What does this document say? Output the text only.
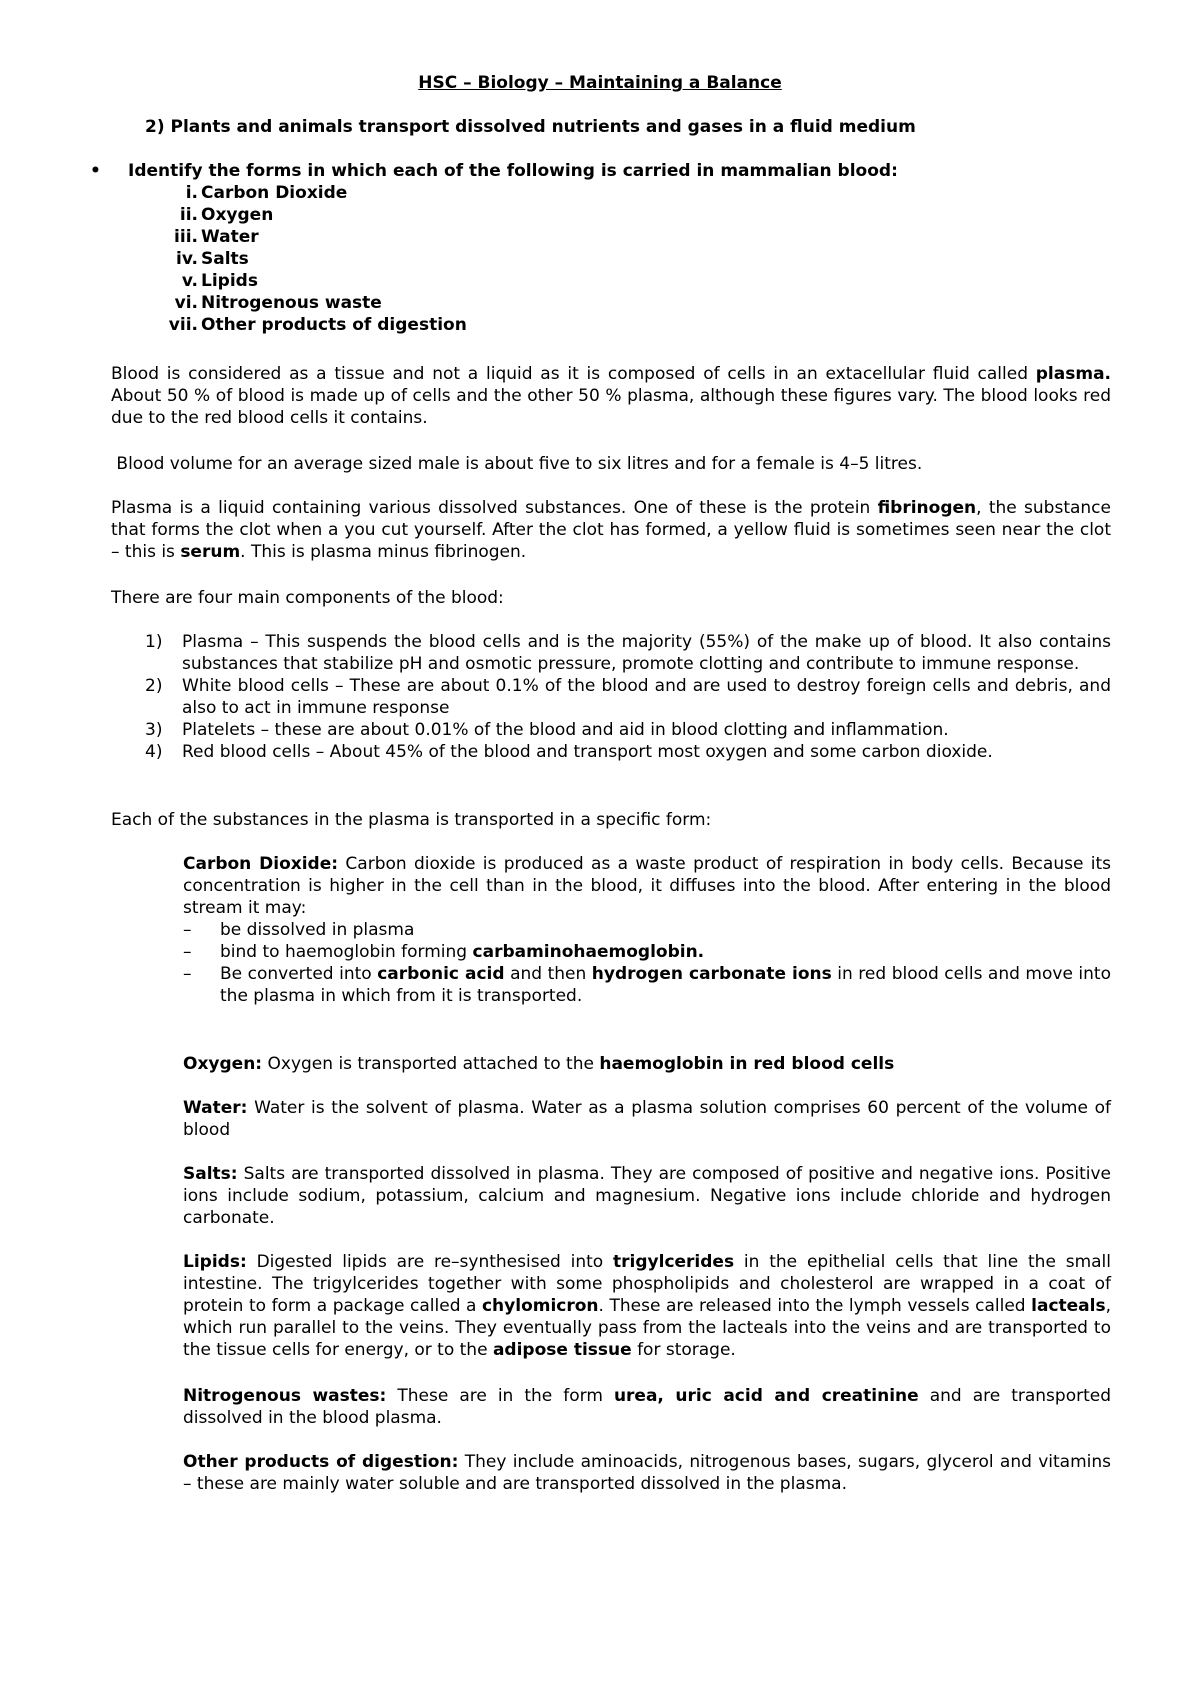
HSC – Biology – Maintaining a Balance
2) Plants and animals transport dissolved nutrients and gases in a fluid medium
• Identify the forms in which each of the following is carried in mammalian blood:
i. Carbon Dioxide
ii. Oxygen
iii. Water
iv. Salts
v. Lipids
vi. Nitrogenous waste
vii. Other products of digestion
Blood is considered as a tissue and not a liquid as it is composed of cells in an extacellular fluid called plasma. About 50 % of blood is made up of cells and the other 50 % plasma, although these figures vary. The blood looks red due to the red blood cells it contains.
Blood volume for an average sized male is about five to six litres and for a female is 4–5 litres.
Plasma is a liquid containing various dissolved substances. One of these is the protein fibrinogen, the substance that forms the clot when a you cut yourself. After the clot has formed, a yellow fluid is sometimes seen near the clot – this is serum. This is plasma minus fibrinogen.
There are four main components of the blood:
1) Plasma – This suspends the blood cells and is the majority (55%) of the make up of blood. It also contains substances that stabilize pH and osmotic pressure, promote clotting and contribute to immune response.
2) White blood cells – These are about 0.1% of the blood and are used to destroy foreign cells and debris, and also to act in immune response
3) Platelets – these are about 0.01% of the blood and aid in blood clotting and inflammation.
4) Red blood cells – About 45% of the blood and transport most oxygen and some carbon dioxide.
Each of the substances in the plasma is transported in a specific form:
Carbon Dioxide: Carbon dioxide is produced as a waste product of respiration in body cells. Because its concentration is higher in the cell than in the blood, it diffuses into the blood. After entering in the blood stream it may:
– be dissolved in plasma
– bind to haemoglobin forming carbaminohaemoglobin.
– Be converted into carbonic acid and then hydrogen carbonate ions in red blood cells and move into the plasma in which from it is transported.
Oxygen: Oxygen is transported attached to the haemoglobin in red blood cells
Water: Water is the solvent of plasma. Water as a plasma solution comprises 60 percent of the volume of blood
Salts: Salts are transported dissolved in plasma. They are composed of positive and negative ions. Positive ions include sodium, potassium, calcium and magnesium. Negative ions include chloride and hydrogen carbonate.
Lipids: Digested lipids are re–synthesised into trigylcerides in the epithelial cells that line the small intestine. The trigylcerides together with some phospholipids and cholesterol are wrapped in a coat of protein to form a package called a chylomicron. These are released into the lymph vessels called lacteals, which run parallel to the veins. They eventually pass from the lacteals into the veins and are transported to the tissue cells for energy, or to the adipose tissue for storage.
Nitrogenous wastes: These are in the form urea, uric acid and creatinine and are transported dissolved in the blood plasma.
Other products of digestion: They include aminoacids, nitrogenous bases, sugars, glycerol and vitamins – these are mainly water soluble and are transported dissolved in the plasma.
